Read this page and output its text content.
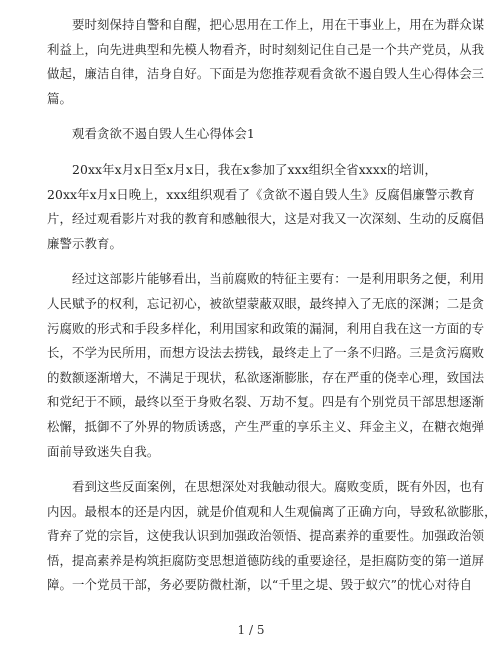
要时刻保持自警和自醒，把心思用在工作上，用在干事业上，用在为群众谋
利益上，向先进典型和先模人物看齐，时时刻刻记住自己是一个共产党员，从我
做起，廉洁自律，洁身自好。下面是为您推荐观看贪欲不遏自毁人生心得体会三
篇。

观看贪欲不遏自毁人生心得体会1

20xx年x月x日至x月x日，我在x参加了xxx组织全省xxxx的培训，
20xx年x月x日晚上，xxx组织观看了《贪欲不遏自毁人生》反腐倡廉警示教育
片，经过观看影片对我的教育和感触很大，这是对我又一次深刻、生动的反腐倡
廉警示教育。

经过这部影片能够看出，当前腐败的特征主要有：一是利用职务之便，利用
人民赋予的权利，忘记初心，被欲望蒙蔽双眼，最终掉入了无底的深渊；二是贪
污腐败的形式和手段多样化，利用国家和政策的漏洞，利用自我在这一方面的专
长，不学为民所用，而想方设法去捞钱，最终走上了一条不归路。三是贪污腐败
的数额逐渐增大，不满足于现状，私欲逐渐膨胀，存在严重的侥幸心理，致国法
和党纪于不顾，最终以至于身败名裂、万劫不复。四是有个别党员干部思想逐渐
松懈，抵御不了外界的物质诱惑，产生严重的享乐主义、拜金主义，在糖衣炮弹
面前导致迷失自我。

看到这些反面案例，在思想深处对我触动很大。腐败变质，既有外因，也有
内因。最根本的还是内因，就是价值观和人生观偏离了正确方向，导致私欲膨胀，
背弃了党的宗旨，这使我认识到加强政治领悟、提高素养的重要性。加强政治领
悟，提高素养是构筑拒腐防变思想道德防线的重要途径，是拒腐防变的第一道屏
障。一个党员干部，务必要防微杜渐，以“千里之堤、毁于蚁穴”的忧心对待自

1 / 5
